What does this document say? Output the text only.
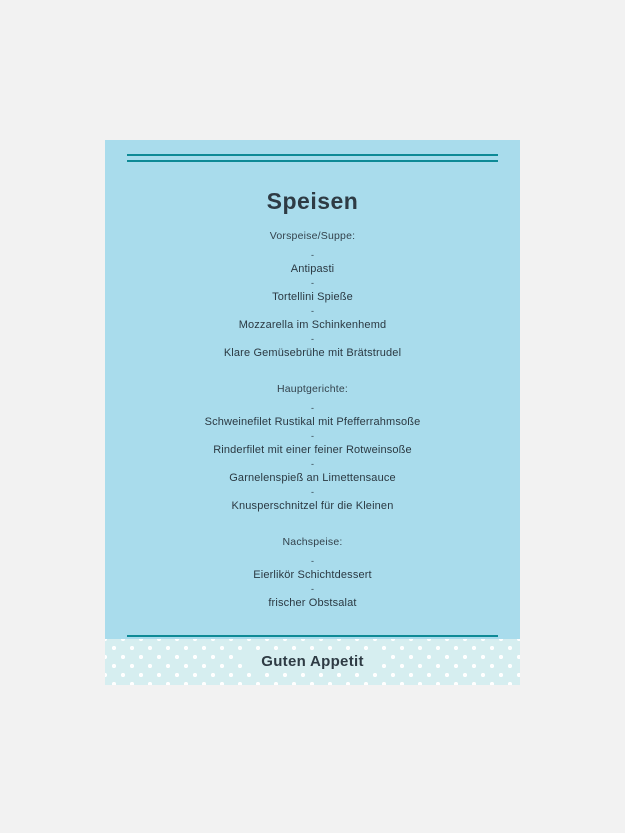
Speisen
Vorspeise/Suppe:
-
Antipasti
-
Tortellini Spieße
-
Mozzarella im Schinkenhemd
-
Klare Gemüsebrühe mit Brätstrudel
Hauptgerichte:
-
Schweinefilet Rustikal mit Pfefferrahmsoße
-
Rinderfilet mit einer feiner Rotweinsoße
-
Garnelenspieß an Limettensauce
-
Knusperschnitzel für die Kleinen
Nachspeise:
-
Eierlikör Schichtdessert
-
frischer Obstsalat
Guten Appetit
